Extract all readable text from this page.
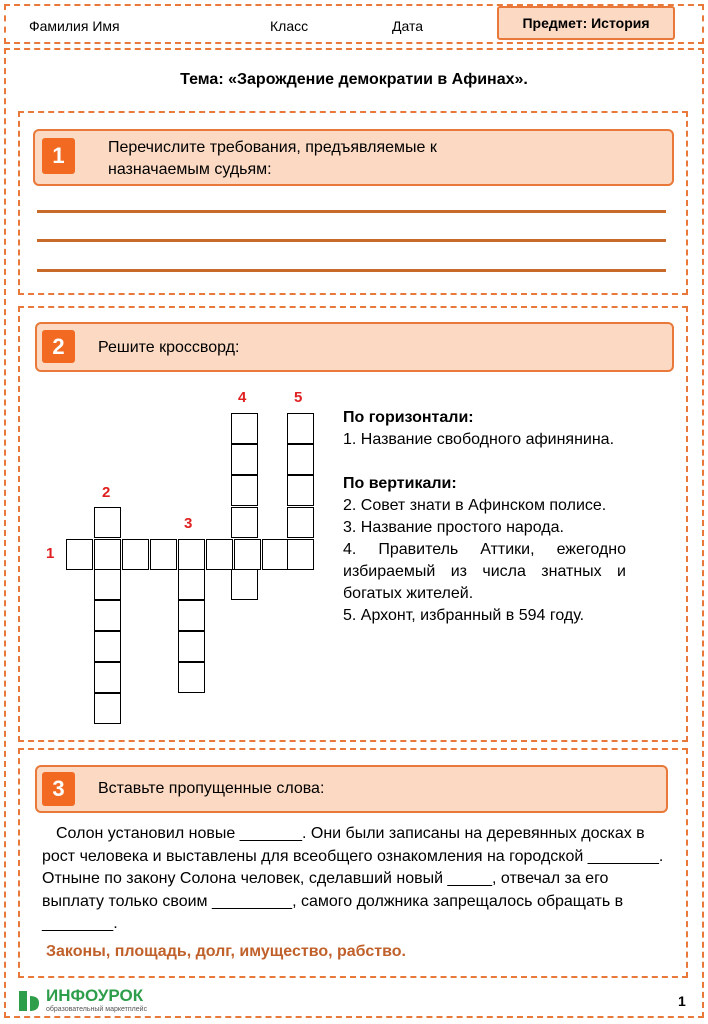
Фамилия Имя	Класс	Дата	Предмет: История
Тема: «Зарождение демократии в Афинах».
1	Перечислите требования, предъявляемые к
назначаемым судьям:
2	Решите кроссворд:
1
2
3
4	5
По горизонтали:
1. Название свободного афинянина.
По вертикали:
2. Совет знати в Афинском полисе.
3. Название простого народа.
4. Правитель Аттики, ежегодно избираемый из числа знатных и богатых жителей.
5. Архонт, избранный в 594 году.
3	Вставьте пропущенные слова:
Солон установил новые _______. Они были записаны на деревянных досках в рост человека и выставлены для всеобщего ознакомления на городской ________. Отныне по закону Солона человек, сделавший новый _____, отвечал за его выплату только своим _________, самого должника запрещалось обращать в ________.
Законы, площадь, долг, имущество, рабство.
ИНФОУРОК
образовательный маркетплейс
1
